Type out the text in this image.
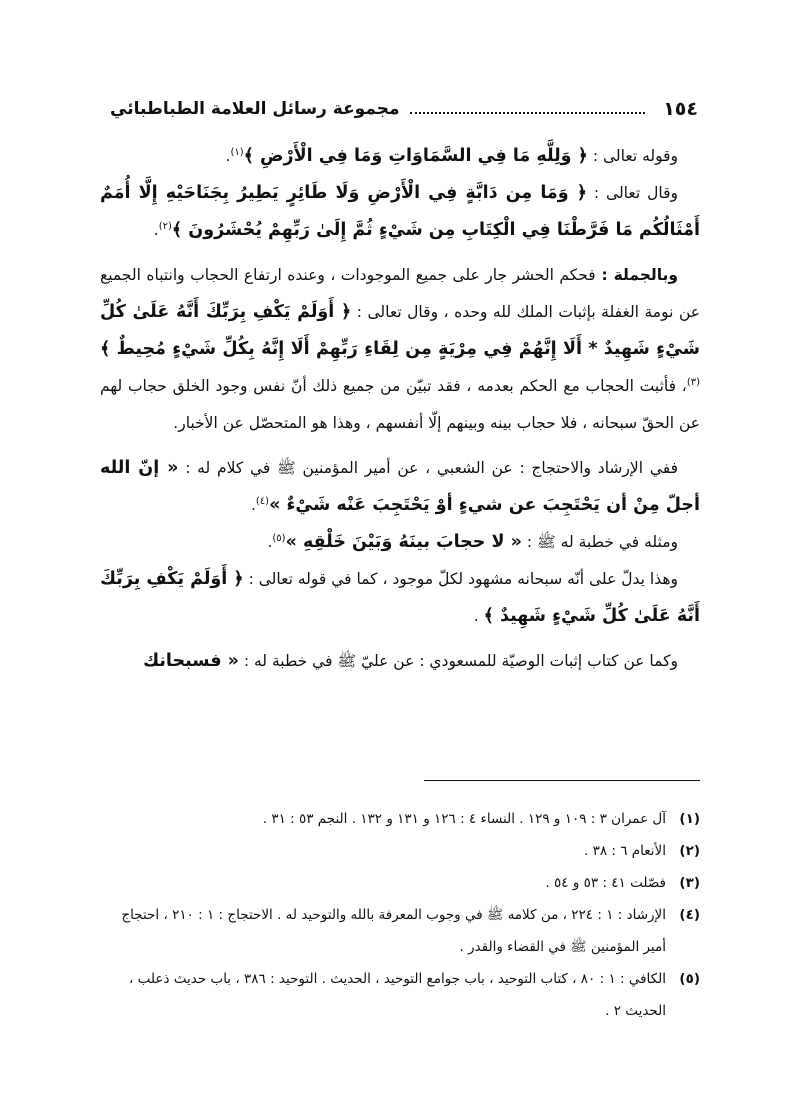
١٥٤
مجموعة رسائل العلامة الطباطبائي

وقوله تعالى : ﴿ وَلِلَّهِ مَا فِي السَّمَاوَاتِ وَمَا فِي الْأَرْضِ ﴾$^{(١)}$.

وقال تعالى : ﴿ وَمَا مِن دَابَّةٍ فِي الْأَرْضِ وَلَا طَائِرٍ يَطِيرُ بِجَنَاحَيْهِ إِلَّا أُمَمٌ أَمْثَالُكُم مَا فَرَّطْنَا فِي الْكِتَابِ مِن شَيْءٍ ثُمَّ إِلَىٰ رَبِّهِمْ يُحْشَرُونَ ﴾$^{(٢)}$.

وبالجملة : فحكم الحشر جار على جميع الموجودات ، وعنده ارتفاع الحجاب وانتباه الجميع عن نومة الغفلة بإثبات الملك لله وحده ، وقال تعالى : ﴿ أَوَلَمْ يَكْفِ بِرَبِّكَ أَنَّهُ عَلَىٰ كُلِّ شَيْءٍ شَهِيدٌ * أَلَا إِنَّهُمْ فِي مِرْيَةٍ مِن لِقَاءِ رَبِّهِمْ أَلَا إِنَّهُ بِكُلِّ شَيْءٍ مُحِيطٌ ﴾$^{(٣)}$، فأثبت الحجاب مع الحكم بعدمه ، فقد تبيّن من جميع ذلك أنّ نفس وجود الخلق حجاب لهم عن الحقّ سبحانه ، فلا حجاب بينه وبينهم إلّا أنفسهم ، وهذا هو المتحصّل عن الأخبار.

ففي الإرشاد والاحتجاج : عن الشعبي ، عن أمير المؤمنين ﷺ في كلام له : « إنّ الله أجلّ مِنْ أن يَحْتَجِبَ عن شيءٍ أوْ يَحْتَجِبَ عَنْه شَيْءٌ »$^{(٤)}$.

ومثله في خطبة له ﷺ : « لا حجابَ بينَهُ وَبَيْنَ خَلْقِهِ »$^{(٥)}$.

وهذا يدلّ على أنّه سبحانه مشهود لكلّ موجود ، كما في قوله تعالى : ﴿ أَوَلَمْ يَكْفِ بِرَبِّكَ أَنَّهُ عَلَىٰ كُلِّ شَيْءٍ شَهِيدٌ ﴾ .

وكما عن كتاب إثبات الوصيّة للمسعودي : عن عليّ ﷺ في خطبة له : « فسبحانك

(١)
آل عمران ٣ : ١٠٩ و ١٢٩ . النساء ٤ : ١٢٦ و ١٣١ و ١٣٢ . النجم ٥٣ : ٣١ .

(٢)
الأنعام ٦ : ٣٨ .

(٣)
فصّلت ٤١ : ٥٣ و ٥٤ .

(٤)
الإرشاد : ١ : ٢٢٤ ، من كلامه ﷺ في وجوب المعرفة بالله والتوحيد له . الاحتجاج : ١ : ٢١٠ ، احتجاج أمير المؤمنين ﷺ في القضاء والقدر .

(٥)
الكافي : ١ : ٨٠ ، كتاب التوحيد ، باب جوامع التوحيد ، الحديث . التوحيد : ٣٨٦ ، باب حديث ذعلب ، الحديث ٢ .
